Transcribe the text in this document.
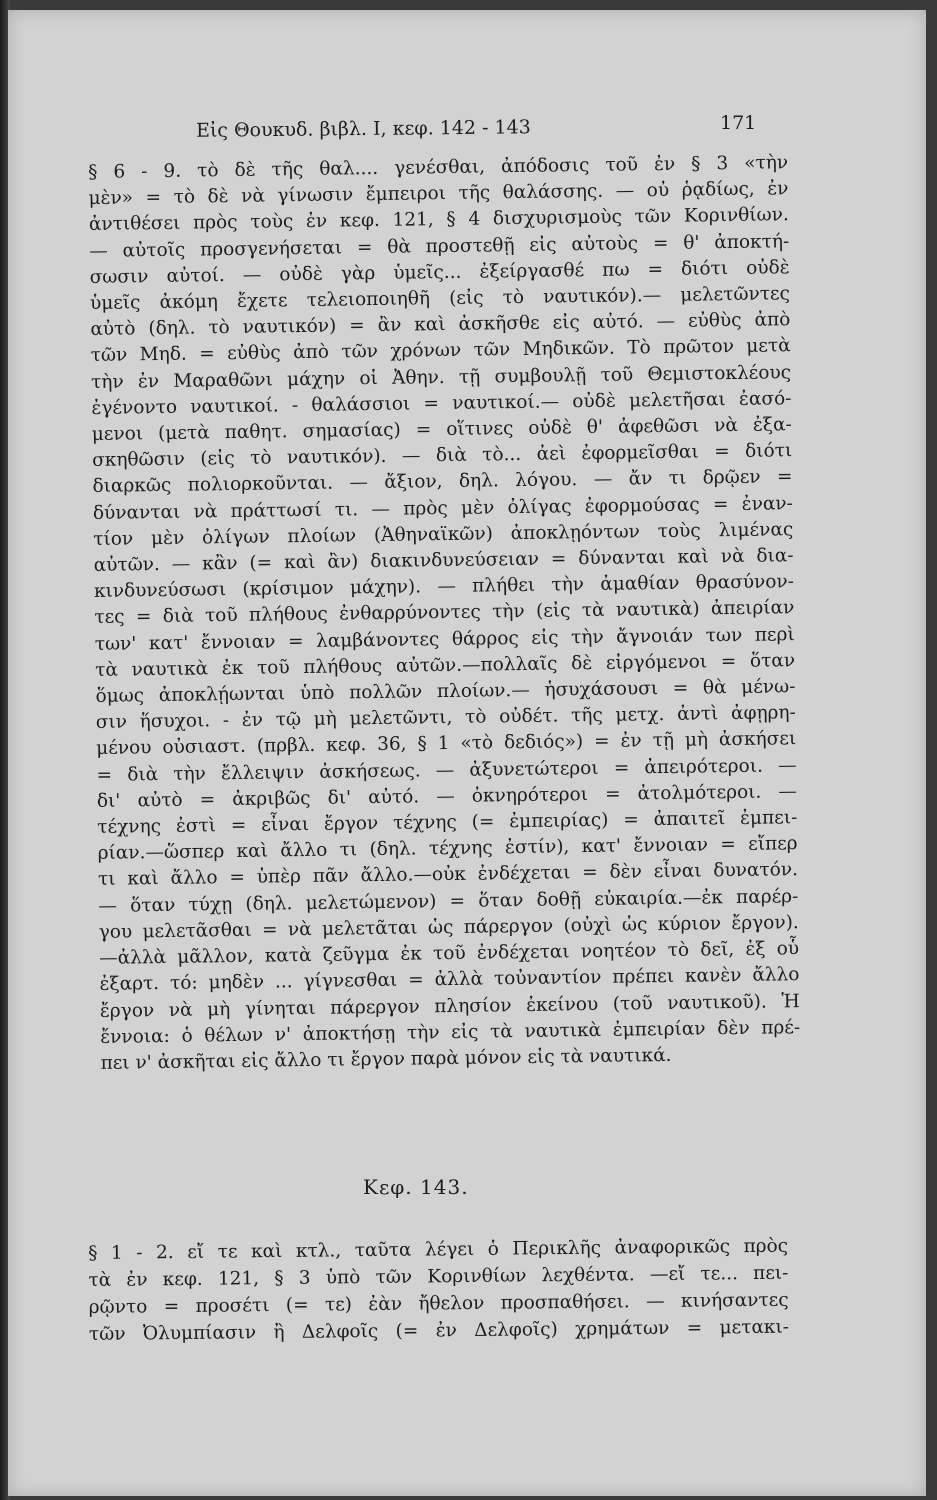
Εἰς Θουκυδ. βιβλ. Ι, κεφ. 142 - 143	171
§ 6 - 9. τὸ δὲ τῆς θαλ.... γενέσθαι, ἀπόδοσις τοῦ ἐν § 3 «τὴν
μὲν» = τὸ δὲ νὰ γίνωσιν ἔμπειροι τῆς θαλάσσης. — οὐ ῥᾳδίως, ἐν
ἀντιθέσει πρὸς τοὺς ἐν κεφ. 121, § 4 δισχυρισμοὺς τῶν Κορινθίων.
— αὐτοῖς προσγενήσεται = θὰ προστεθῇ εἰς αὐτοὺς = θ' ἀποκτή-
σωσιν αὐτοί. — οὐδὲ γὰρ ὑμεῖς... ἐξείργασθέ πω = διότι οὐδὲ
ὑμεῖς ἀκόμη ἔχετε τελειοποιηθῆ (εἰς τὸ ναυτικόν).— μελετῶντες
αὐτὸ (δηλ. τὸ ναυτικόν) = ἂν καὶ ἀσκῆσθε εἰς αὐτό. — εὐθὺς ἀπὸ
τῶν Μηδ. = εὐθὺς ἀπὸ τῶν χρόνων τῶν Μηδικῶν. Τὸ πρῶτον μετὰ
τὴν ἐν Μαραθῶνι μάχην οἱ Ἀθην. τῇ συμβουλῇ τοῦ Θεμιστοκλέους
ἐγένοντο ναυτικοί. - θαλάσσιοι = ναυτικοί.— οὐδὲ μελετῆσαι ἐασό-
μενοι (μετὰ παθητ. σημασίας) = οἵτινες οὐδὲ θ' ἀφεθῶσι νὰ ἐξα-
σκηθῶσιν (εἰς τὸ ναυτικόν). — διὰ τὸ... ἀεὶ ἐφορμεῖσθαι = διότι
διαρκῶς πολιορκοῦνται. — ἄξιον, δηλ. λόγου. — ἄν τι δρῷεν =
δύνανται νὰ πράττωσί τι. — πρὸς μὲν ὀλίγας ἐφορμούσας = ἐναν-
τίον μὲν ὀλίγων πλοίων (Ἀθηναϊκῶν) ἀποκλῃόντων τοὺς λιμένας
αὐτῶν. — κἂν (= καὶ ἂν) διακινδυνεύσειαν = δύνανται καὶ νὰ δια-
κινδυνεύσωσι (κρίσιμον μάχην). — πλήθει τὴν ἀμαθίαν θρασύνον-
τες = διὰ τοῦ πλήθους ἐνθαρρύνοντες τὴν (εἰς τὰ ναυτικὰ) ἀπειρίαν
των' κατ' ἔννοιαν = λαμβάνοντες θάρρος εἰς τὴν ἄγνοιάν των περὶ
τὰ ναυτικὰ ἐκ τοῦ πλήθους αὐτῶν.—πολλαῖς δὲ εἰργόμενοι = ὅταν
ὅμως ἀποκλῄωνται ὑπὸ πολλῶν πλοίων.— ἡσυχάσουσι = θὰ μένω-
σιν ἥσυχοι. - ἐν τῷ μὴ μελετῶντι, τὸ οὐδέτ. τῆς μετχ. ἀντὶ ἀφῃρη-
μένου οὐσιαστ. (πρβλ. κεφ. 36, § 1 «τὸ δεδιός») = ἐν τῇ μὴ ἀσκήσει
= διὰ τὴν ἔλλειψιν ἀσκήσεως. — ἀξυνετώτεροι = ἀπειρότεροι. —
δι' αὐτὸ = ἀκριβῶς δι' αὐτό. — ὀκνηρότεροι = ἀτολμότεροι. —
τέχνης ἐστὶ = εἶναι ἔργον τέχνης (= ἐμπειρίας) = ἀπαιτεῖ ἐμπει-
ρίαν.—ὥσπερ καὶ ἄλλο τι (δηλ. τέχνης ἐστίν), κατ' ἔννοιαν = εἴπερ
τι καὶ ἄλλο = ὑπὲρ πᾶν ἄλλο.—οὐκ ἐνδέχεται = δὲν εἶναι δυνατόν.
— ὅταν τύχῃ (δηλ. μελετώμενον) = ὅταν δοθῇ εὐκαιρία.—ἐκ παρέρ-
γου μελετᾶσθαι = νὰ μελετᾶται ὡς πάρεργον (οὐχὶ ὡς κύριον ἔργον).
—ἀλλὰ μᾶλλον, κατὰ ζεῦγμα ἐκ τοῦ ἐνδέχεται νοητέον τὸ δεῖ, ἐξ οὗ
ἐξαρτ. τό: μηδὲν ... γίγνεσθαι = ἀλλὰ τοὐναντίον πρέπει κανὲν ἄλλο
ἔργον νὰ μὴ γίνηται πάρεργον πλησίον ἐκείνου (τοῦ ναυτικοῦ). Ἡ
ἔννοια: ὁ θέλων ν' ἀποκτήσῃ τὴν εἰς τὰ ναυτικὰ ἐμπειρίαν δὲν πρέ-
πει ν' ἀσκῆται εἰς ἄλλο τι ἔργον παρὰ μόνον εἰς τὰ ναυτικά.
Κεφ. 143.
§ 1 - 2. εἴ τε καὶ κτλ., ταῦτα λέγει ὁ Περικλῆς ἀναφορικῶς πρὸς
τὰ ἐν κεφ. 121, § 3 ὑπὸ τῶν Κορινθίων λεχθέντα. —εἴ τε... πει-
ρῷντο = προσέτι (= τε) ἐὰν ἤθελον προσπαθήσει. — κινήσαντες
τῶν Ὀλυμπίασιν ἢ Δελφοῖς (= ἐν Δελφοῖς) χρημάτων = μετακι-
